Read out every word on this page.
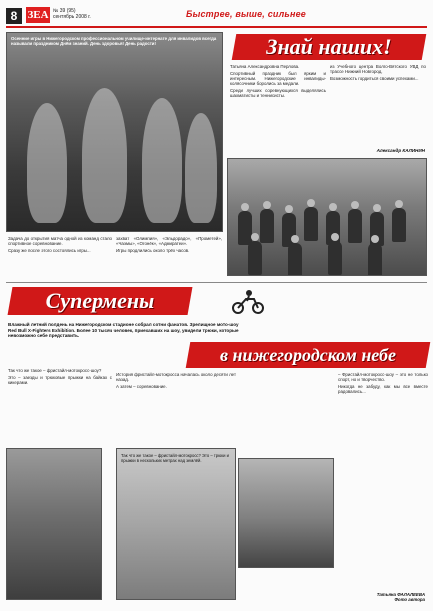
8 ЗЕА № 39 (95)
сентябрь 2008 г.	Быстрее, выше, сильнее
Осенние игры в Нижегородском профессиональном училище-интернате для инвалидов всегда называли праздником Днём знаний. День здоровья! День радости!	Знай наших!

Татьяна Александровна Перлова.

Спортивный праздник был ярким и интересным. Нижегородские инвалиды-колясочники боролись за медали.

Среди лучших соревнующихся выделялись шахматисты и теннисисты.

из Учебного центра Волго-Вятского УВД по трассе Нижний Новгород.

Возможность гордиться своими успехами...

Александр КАЛИНИН

Задача до открытия матча одной из команд стало спортивное соревнование.

Сразу же после этого состоялись игры...

захват «Олимпия», «Эльдорадо», «Прометей», «Чаэмы», «Огонёк», «Адмиратеи».

Игры продлились около трёх часов.

Супермены
Влажный летний полдень на Нижегородском стадионе собрал сотни фанатов. Зрелищное мото-шоу Red Bull X-Fighters Exhibition. Более 10 тысяч человек, приехавших на шоу, увидели трюки, которые невозможно себе представить.
в нижегородском небе

Так что же такое – фристайл-мотокросс-шоу?

Это – заезды и трюковые прыжки на байках с кикерами.

История фристайл-мотокросса началась около десяти лет назад.

А затем – соревнование.

– Фристайл-мотокросс-шоу – это не только спорт, но и творчество.

Никогда не забуду, как мы все вместе радовались...

Так что же такое – фристайл-мотокросс? Это – трюки и прыжки в нескольких метрах над землёй.
Татьяна ФАЛАЛЕЕВА
Фото автора
